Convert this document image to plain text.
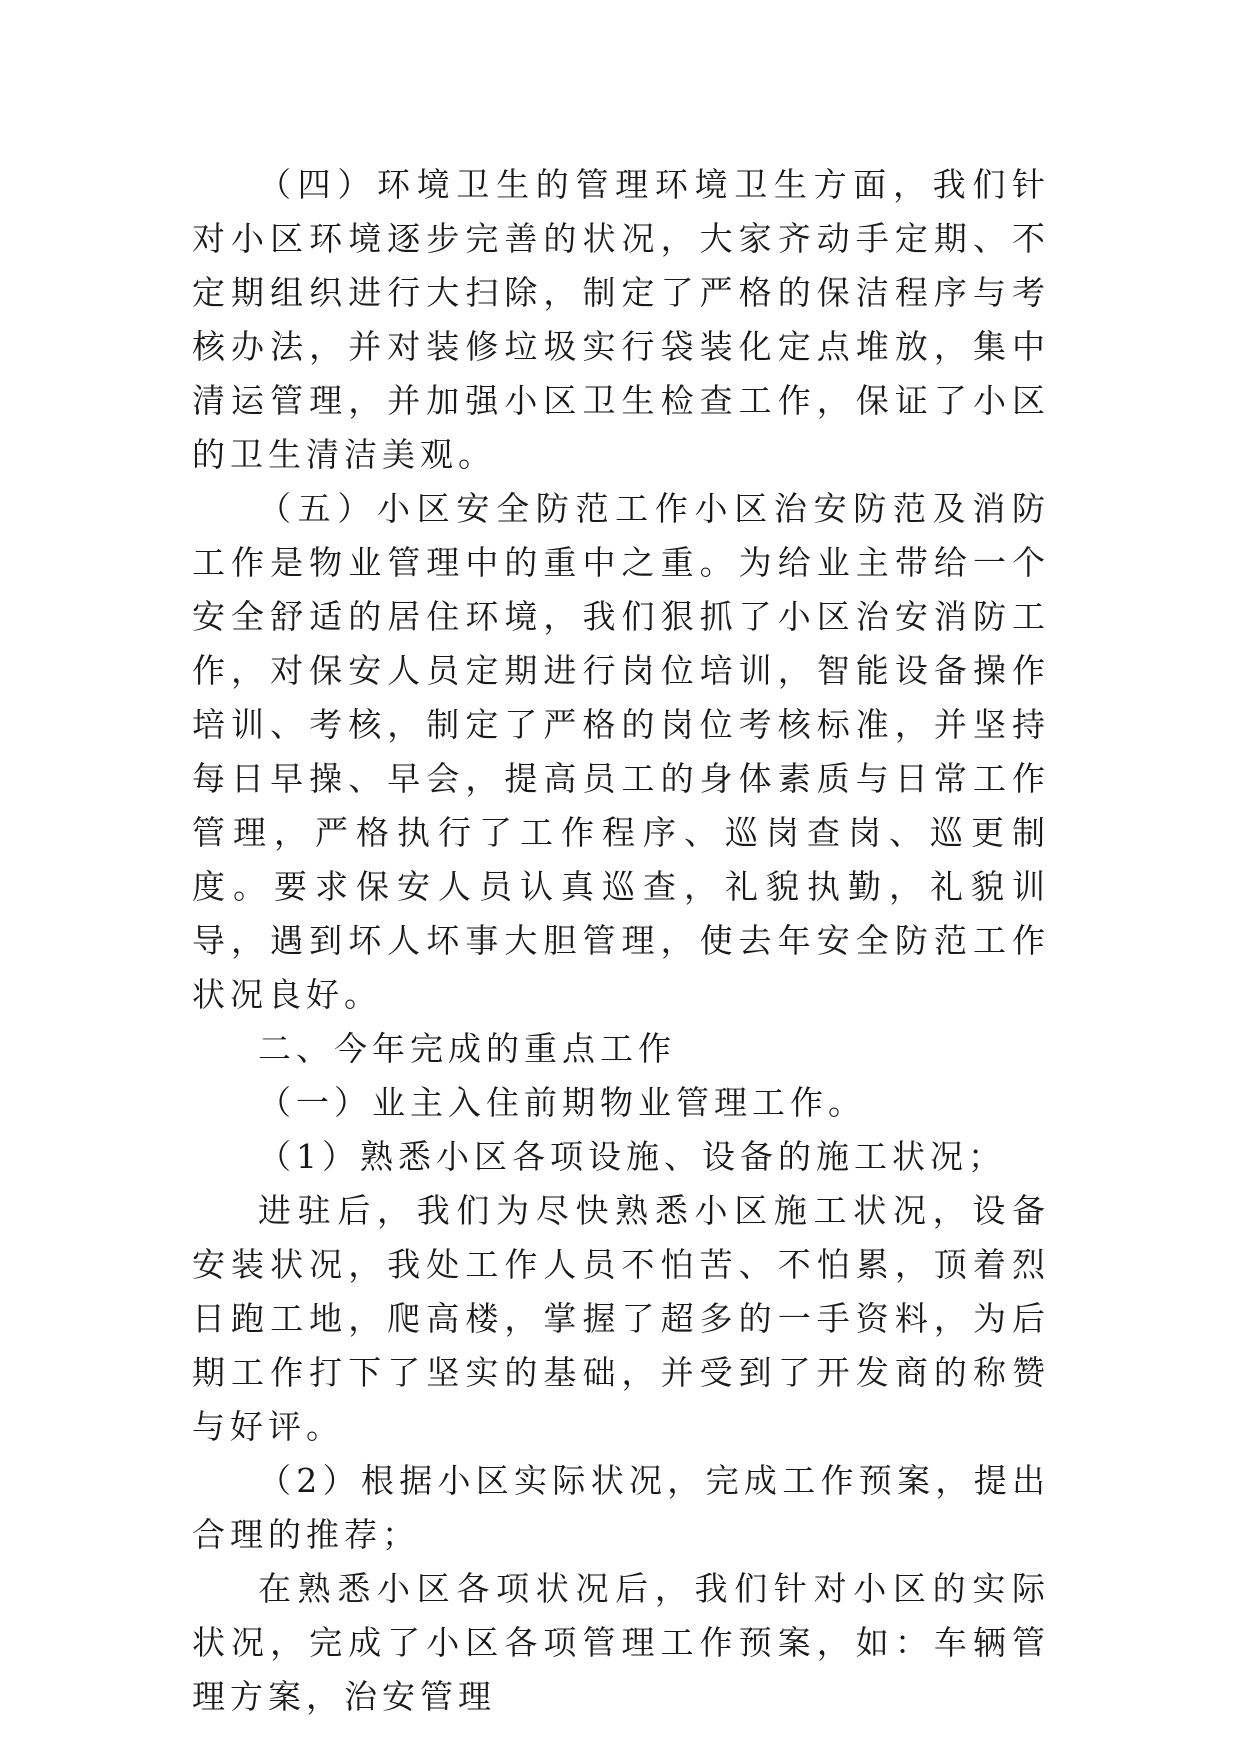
（四）环境卫生的管理环境卫生方面，我们针对小区环境逐步完善的状况，大家齐动手定期、不定期组织进行大扫除，制定了严格的保洁程序与考核办法，并对装修垃圾实行袋装化定点堆放，集中清运管理，并加强小区卫生检查工作，保证了小区的卫生清洁美观。

（五）小区安全防范工作小区治安防范及消防工作是物业管理中的重中之重。为给业主带给一个安全舒适的居住环境，我们狠抓了小区治安消防工作，对保安人员定期进行岗位培训，智能设备操作培训、考核，制定了严格的岗位考核标准，并坚持每日早操、早会，提高员工的身体素质与日常工作管理，严格执行了工作程序、巡岗查岗、巡更制度。要求保安人员认真巡查，礼貌执勤，礼貌训导，遇到坏人坏事大胆管理，使去年安全防范工作状况良好。

二、今年完成的重点工作

（一）业主入住前期物业管理工作。

（1）熟悉小区各项设施、设备的施工状况；

进驻后，我们为尽快熟悉小区施工状况，设备安装状况，我处工作人员不怕苦、不怕累，顶着烈日跑工地，爬高楼，掌握了超多的一手资料，为后期工作打下了坚实的基础，并受到了开发商的称赞与好评。

（2）根据小区实际状况，完成工作预案，提出合理的推荐；

在熟悉小区各项状况后，我们针对小区的实际状况，完成了小区各项管理工作预案，如：车辆管理方案，治安管理
